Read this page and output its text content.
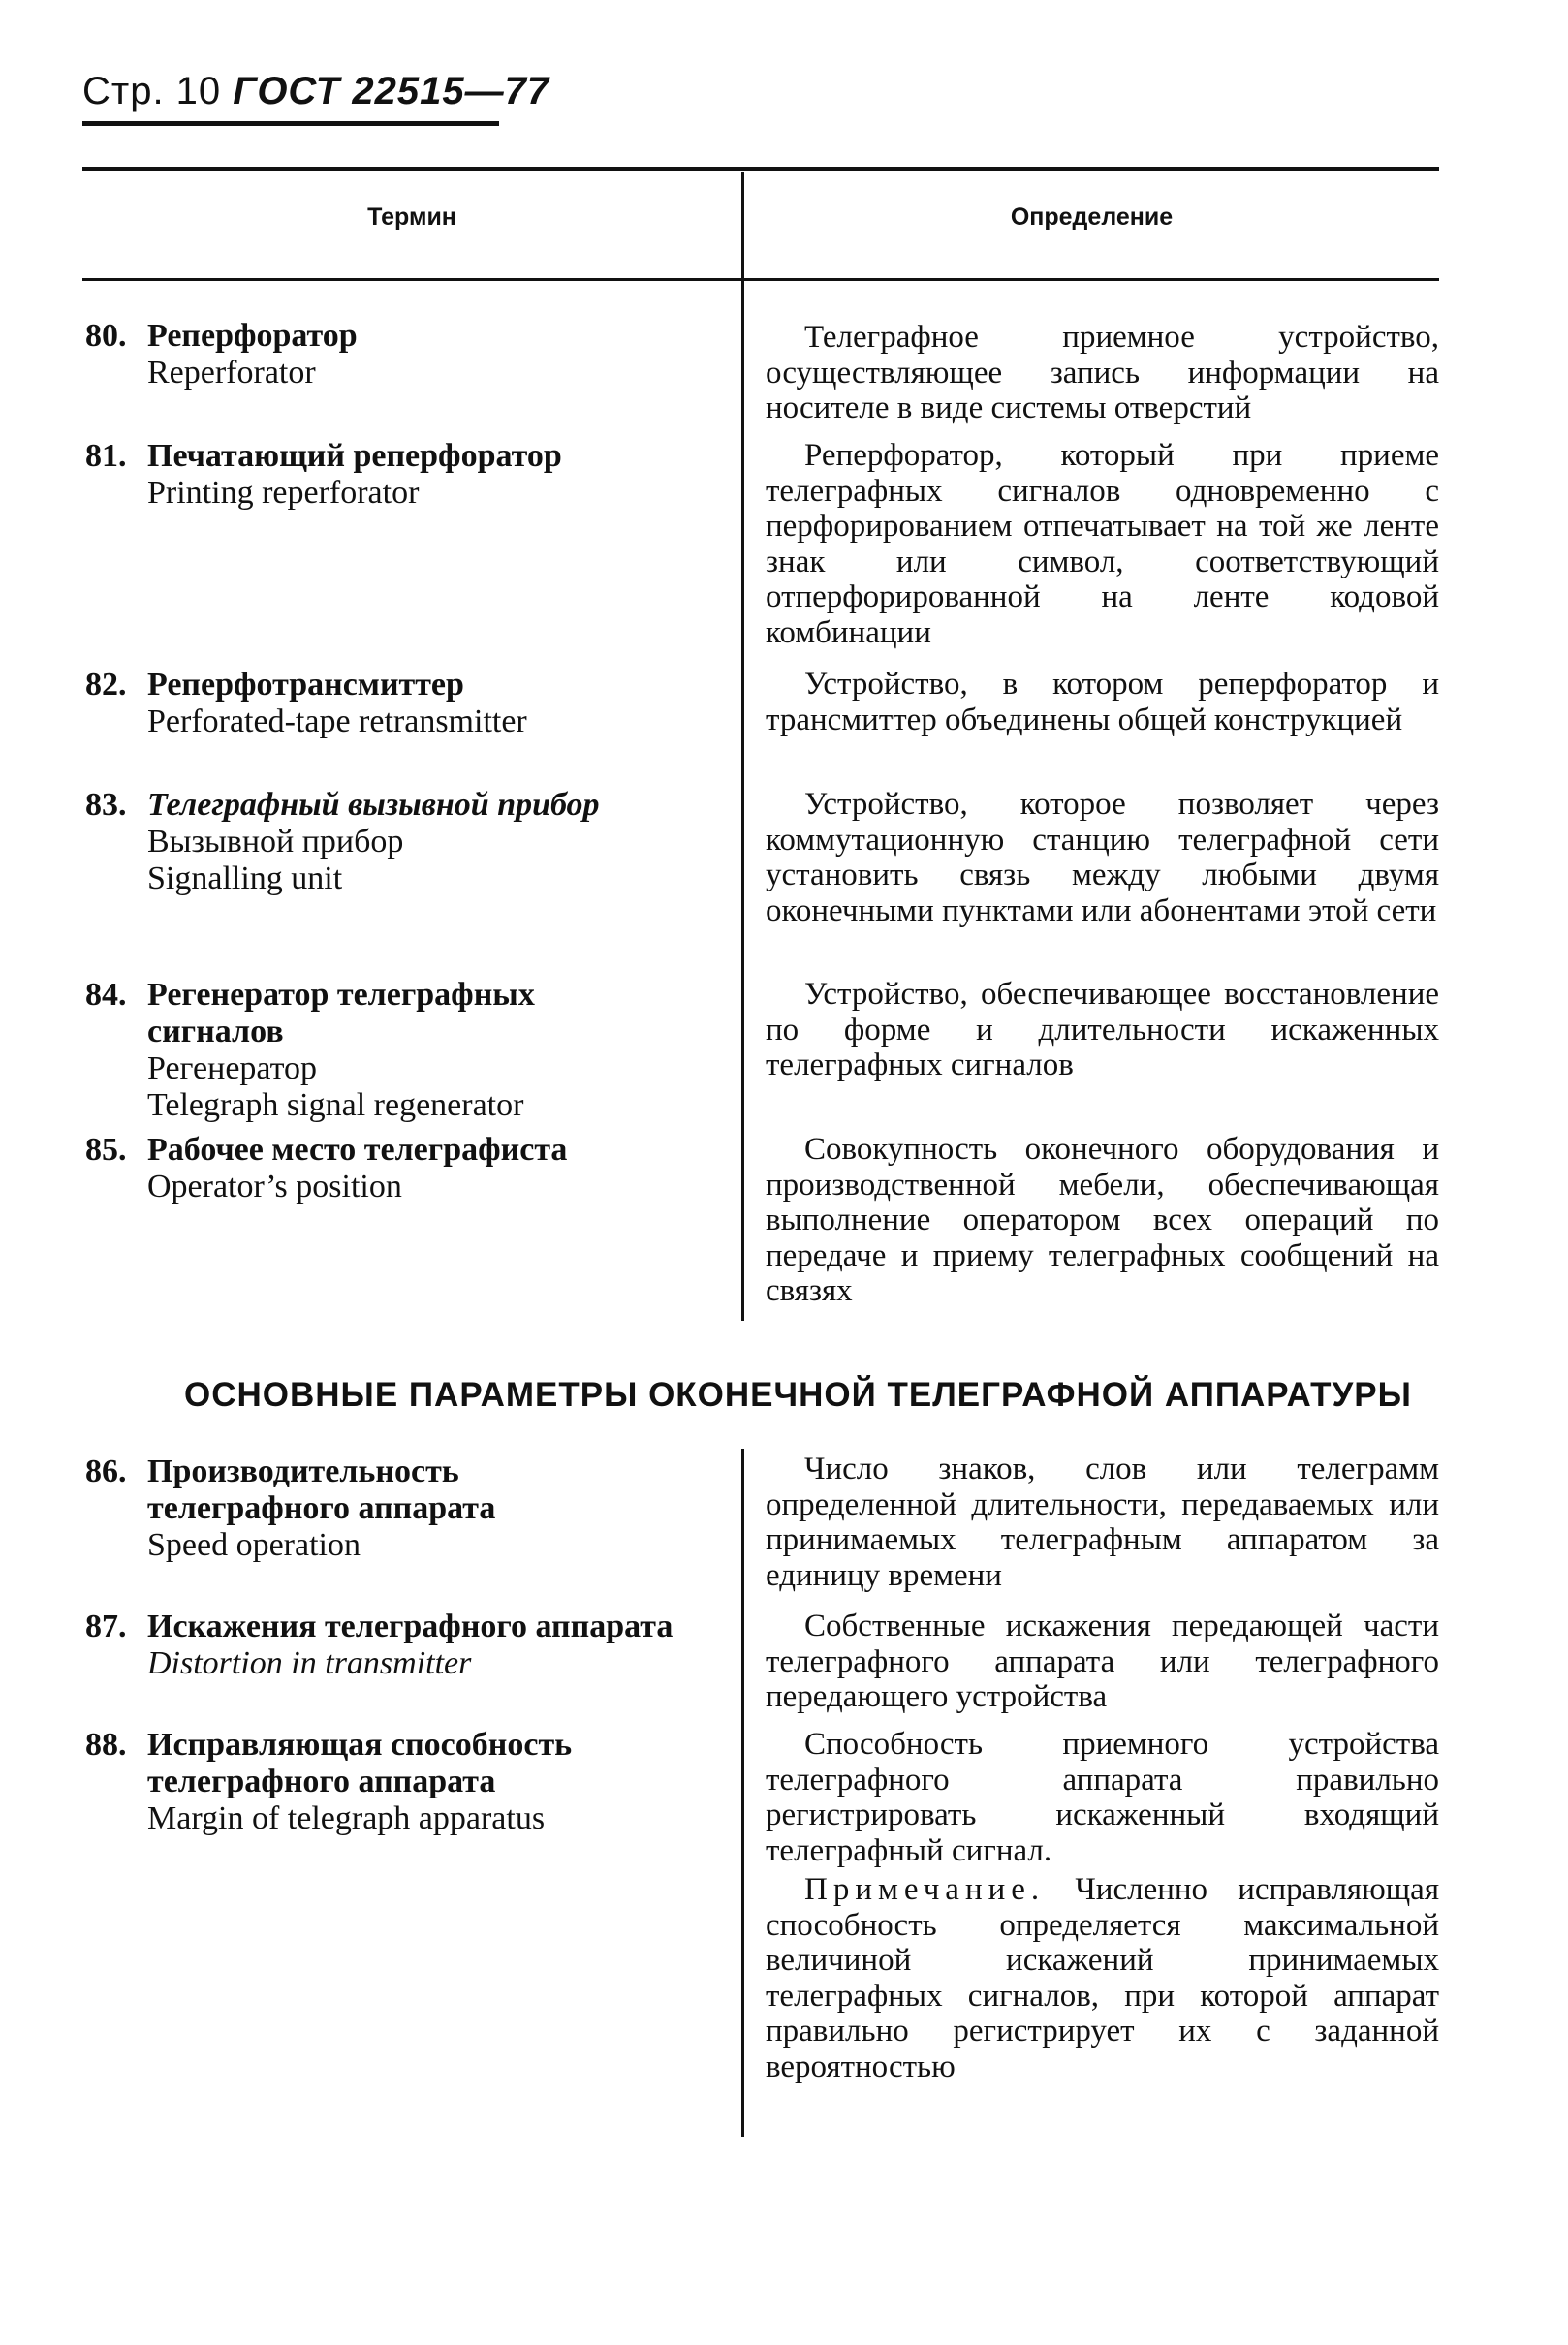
Стр. 10 ГОСТ 22515—77
Термин	Определение
80. Реперфоратор
Reperforator

Телеграфное приемное устройство, осуществляющее запись информации на носителе в виде системы отверстий

81. Печатающий реперфоратор
Printing reperforator

Реперфоратор, который при приеме телеграфных сигналов одновременно с перфорированием отпечатывает на той же ленте знак или символ, соответствующий отперфорированной на ленте кодовой комбинации

82. Реперфотрансмиттер
Perforated-tape retransmitter

Устройство, в котором реперфоратор и трансмиттер объединены общей конструкцией

83. Телеграфный вызывной прибор
Вызывной прибор
Signalling unit

Устройство, которое позволяет через коммутационную станцию телеграфной сети установить связь между любыми двумя оконечными пунктами или абонентами этой сети

84. Регенератор телеграфных сигналов
Регенератор
Telegraph signal regenerator

Устройство, обеспечивающее восстановление по форме и длительности искаженных телеграфных сигналов

85. Рабочее место телеграфиста
Operator’s position

Совокупность оконечного оборудования и производственной мебели, обеспечивающая выполнение оператором всех операций по передаче и приему телеграфных сообщений на связях

ОСНОВНЫЕ ПАРАМЕТРЫ ОКОНЕЧНОЙ ТЕЛЕГРАФНОЙ АППАРАТУРЫ
86. Производительность телеграфного аппарата
Speed operation

Число знаков, слов или телеграмм определенной длительности, передаваемых или принимаемых телеграфным аппаратом за единицу времени

87. Искажения телеграфного аппарата
Distortion in transmitter

Собственные искажения передающей части телеграфного аппарата или телеграфного передающего устройства

88. Исправляющая способность телеграфного аппарата
Margin of telegraph apparatus

Способность приемного устройства телеграфного аппарата правильно регистрировать искаженный входящий телеграфный сигнал.

Примечание. Численно исправляющая способность определяется максимальной величиной искажений принимаемых телеграфных сигналов, при которой аппарат правильно регистрирует их с заданной вероятностью
